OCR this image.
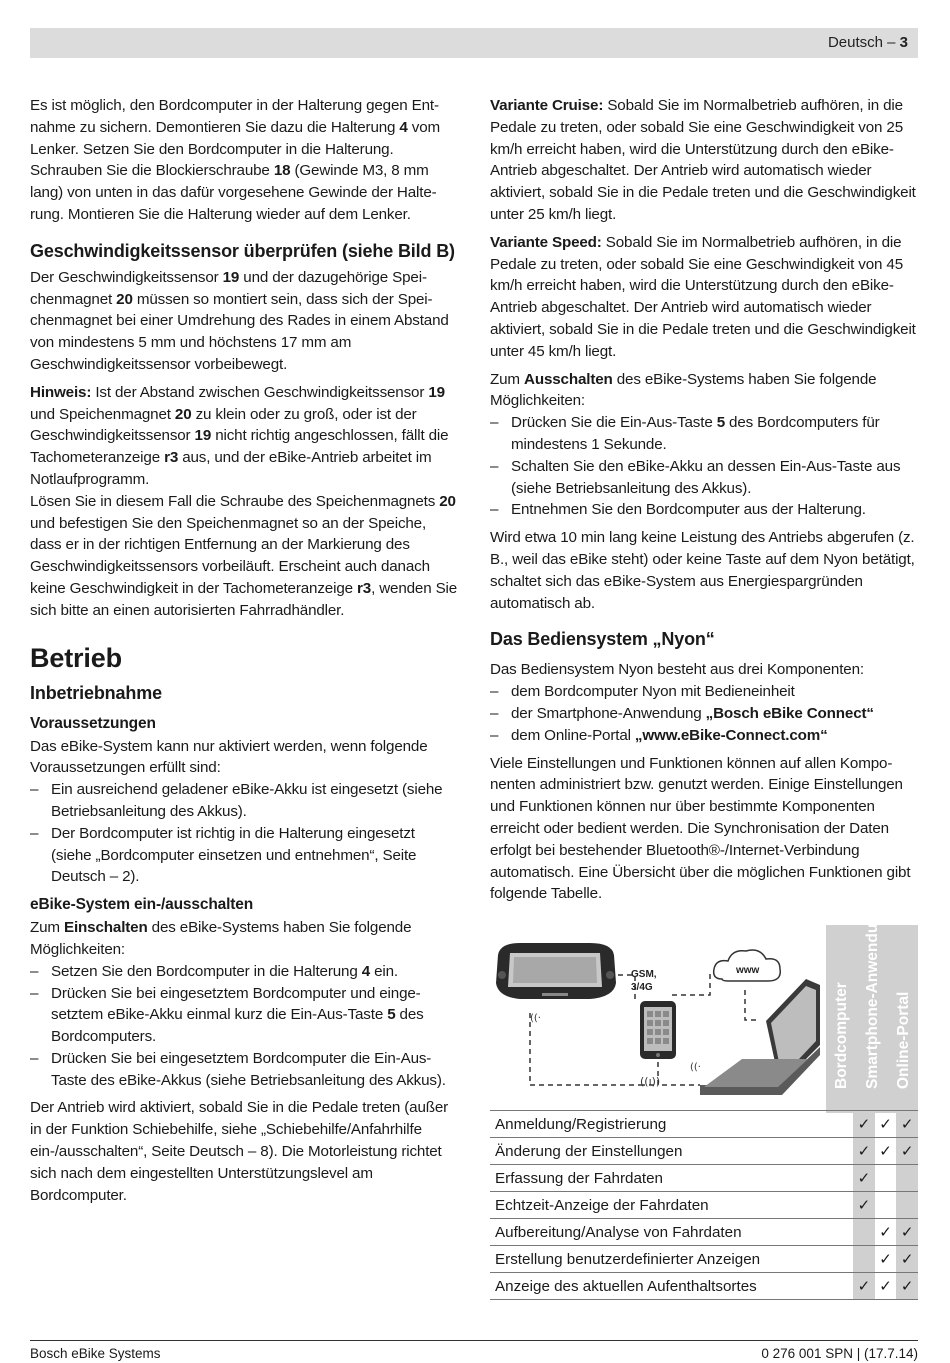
Deutsch – 3

Es ist möglich, den Bordcomputer in der Halterung gegen Entnahme zu sichern. Demontieren Sie dazu die Halterung 4 vom Lenker. Setzen Sie den Bordcomputer in die Halterung. Schrauben Sie die Blockierschraube 18 (Gewinde M3, 8 mm lang) von unten in das dafür vorgesehene Gewinde der Halterung. Montieren Sie die Halterung wieder auf dem Lenker.

Geschwindigkeitssensor überprüfen (siehe Bild B)

Der Geschwindigkeitssensor 19 und der dazugehörige Speichenmagnet 20 müssen so montiert sein, dass sich der Speichenmagnet bei einer Umdrehung des Rades in einem Abstand von mindestens 5 mm und höchstens 17 mm am Geschwindigkeitssensor vorbeibewegt.

Hinweis: Ist der Abstand zwischen Geschwindigkeitssensor 19 und Speichenmagnet 20 zu klein oder zu groß, oder ist der Geschwindigkeitssensor 19 nicht richtig angeschlossen, fällt die Tachometeranzeige r3 aus, und der eBike-Antrieb arbeitet im Notlaufprogramm.

Lösen Sie in diesem Fall die Schraube des Speichenmagnets 20 und befestigen Sie den Speichenmagnet so an der Speiche, dass er in der richtigen Entfernung an der Markierung des Geschwindigkeitssensors vorbeiläuft. Erscheint auch danach keine Geschwindigkeit in der Tachometeranzeige r3, wenden Sie sich bitte an einen autorisierten Fahrradhändler.

Betrieb
Inbetriebnahme
Voraussetzungen

Das eBike-System kann nur aktiviert werden, wenn folgende Voraussetzungen erfüllt sind:

– Ein ausreichend geladener eBike-Akku ist eingesetzt (siehe Betriebsanleitung des Akkus).
– Der Bordcomputer ist richtig in die Halterung eingesetzt (siehe „Bordcomputer einsetzen und entnehmen“, Seite Deutsch – 2).
eBike-System ein-/ausschalten

Zum Einschalten des eBike-Systems haben Sie folgende Möglichkeiten:

– Setzen Sie den Bordcomputer in die Halterung 4 ein.
– Drücken Sie bei eingesetztem Bordcomputer und eingesetztem eBike-Akku einmal kurz die Ein-Aus-Taste 5 des Bordcomputers.
– Drücken Sie bei eingesetztem Bordcomputer die Ein-Aus-Taste des eBike-Akkus (siehe Betriebsanleitung des Akkus).

Der Antrieb wird aktiviert, sobald Sie in die Pedale treten (außer in der Funktion Schiebehilfe, siehe „Schiebehilfe/Anfahrhilfe ein-/ausschalten“, Seite Deutsch – 8). Die Motorleistung richtet sich nach dem eingestellten Unterstützungslevel am Bordcomputer.

Variante Cruise: Sobald Sie im Normalbetrieb aufhören, in die Pedale zu treten, oder sobald Sie eine Geschwindigkeit von 25 km/h erreicht haben, wird die Unterstützung durch den eBike-Antrieb abgeschaltet. Der Antrieb wird automatisch wieder aktiviert, sobald Sie in die Pedale treten und die Geschwindigkeit unter 25 km/h liegt.

Variante Speed: Sobald Sie im Normalbetrieb aufhören, in die Pedale zu treten, oder sobald Sie eine Geschwindigkeit von 45 km/h erreicht haben, wird die Unterstützung durch den eBike-Antrieb abgeschaltet. Der Antrieb wird automatisch wieder aktiviert, sobald Sie in die Pedale treten und die Geschwindigkeit unter 45 km/h liegt.

Zum Ausschalten des eBike-Systems haben Sie folgende Möglichkeiten:

– Drücken Sie die Ein-Aus-Taste 5 des Bordcomputers für mindestens 1 Sekunde.
– Schalten Sie den eBike-Akku an dessen Ein-Aus-Taste aus (siehe Betriebsanleitung des Akkus).
– Entnehmen Sie den Bordcomputer aus der Halterung.

Wird etwa 10 min lang keine Leistung des Antriebs abgerufen (z. B., weil das eBike steht) oder keine Taste auf dem Nyon betätigt, schaltet sich das eBike-System aus Energiespargründen automatisch ab.

Das Bediensystem „Nyon“

Das Bediensystem Nyon besteht aus drei Komponenten:

– dem Bordcomputer Nyon mit Bedieneinheit
– der Smartphone-Anwendung „Bosch eBike Connect“
– dem Online-Portal „www.eBike-Connect.com“

Viele Einstellungen und Funktionen können auf allen Komponenten administriert bzw. genutzt werden. Einige Einstellungen und Funktionen können nur über bestimmte Komponenten erreicht oder bedient werden. Die Synchronisation der Daten erfolgt bei bestehender Bluetooth®-/Internet-Verbindung automatisch. Eine Übersicht über die möglichen Funktionen gibt folgende Tabelle.

ᛒ
((·
GSM,
3/4G
((ı))
((·
www
Bordcomputer Smartphone-Anwendung Online-Portal
Anmeldung/Registrierung	✓	✓	✓
Änderung der Einstellungen	✓	✓	✓
Erfassung der Fahrdaten	✓		
Echtzeit-Anzeige der Fahrdaten	✓		
Aufbereitung/Analyse von Fahrdaten		✓	✓
Erstellung benutzerdefinierter Anzeigen		✓	✓
Anzeige des aktuellen Aufenthaltsortes	✓	✓	✓
Bosch eBike Systems	0 276 001 SPN | (17.7.14)
